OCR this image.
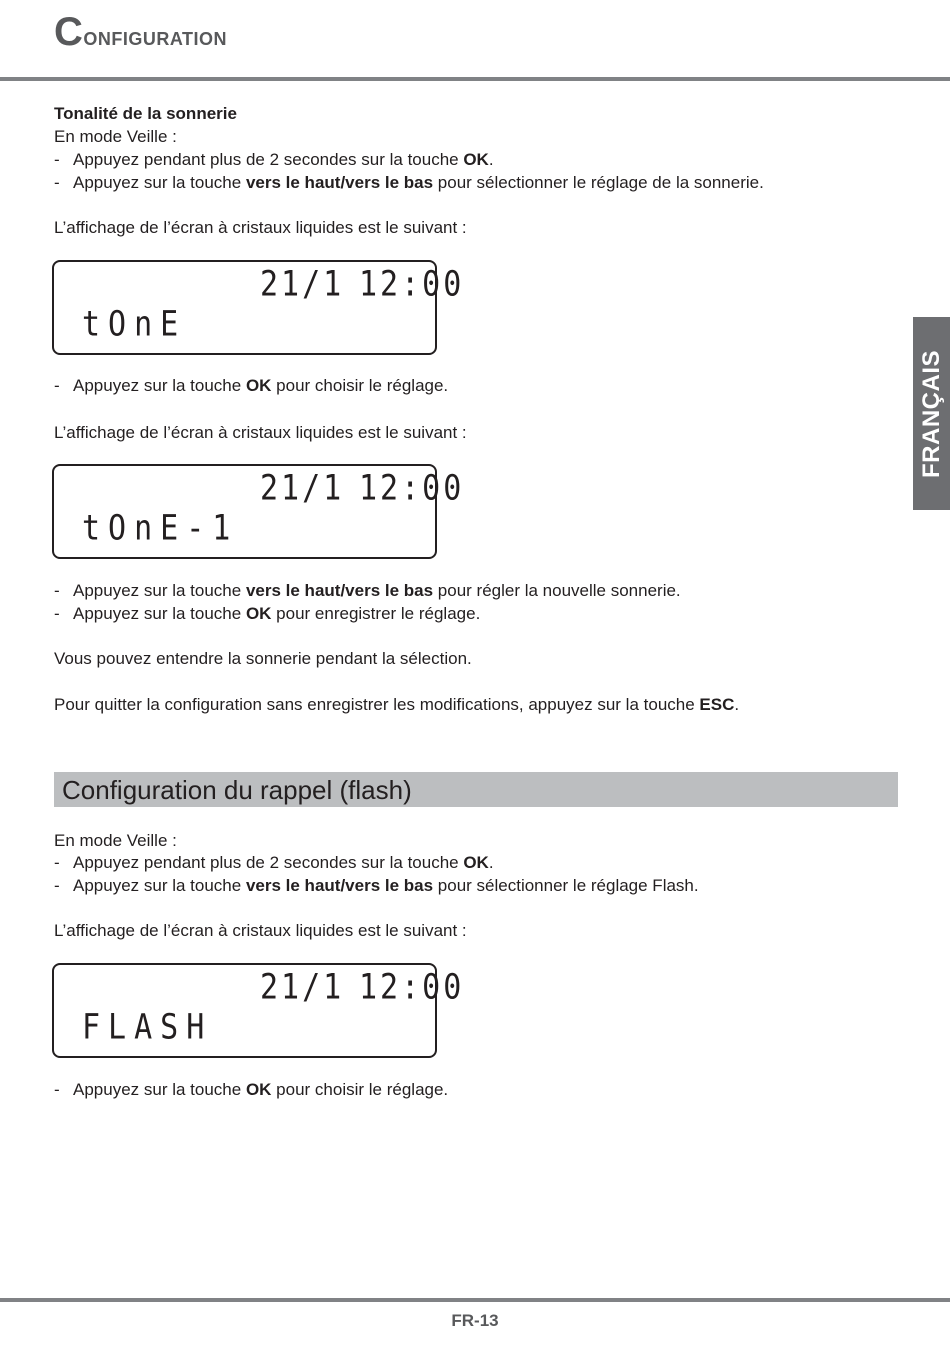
Configuration
FRANÇAIS
Tonalité de la sonnerie
En mode Veille :
- Appuyez pendant plus de 2 secondes sur la touche OK.
- Appuyez sur la touche vers le haut/vers le bas pour sélectionner le réglage de la sonnerie.
L’affichage de l’écran à cristaux liquides est le suivant :
21/1 12:00
tOnE
- Appuyez sur la touche OK pour choisir le réglage.
L’affichage de l’écran à cristaux liquides est le suivant :
21/1 12:00
tOnE-1
- Appuyez sur la touche vers le haut/vers le bas pour régler la nouvelle sonnerie.
- Appuyez sur la touche OK pour enregistrer le réglage.
Vous pouvez entendre la sonnerie pendant la sélection.
Pour quitter la configuration sans enregistrer les modifications, appuyez sur la touche ESC.
Configuration du rappel (flash)
En mode Veille :
- Appuyez pendant plus de 2 secondes sur la touche OK.
- Appuyez sur la touche vers le haut/vers le bas pour sélectionner le réglage Flash.
L’affichage de l’écran à cristaux liquides est le suivant :
21/1 12:00
FLASH
- Appuyez sur la touche OK pour choisir le réglage.
FR-13
